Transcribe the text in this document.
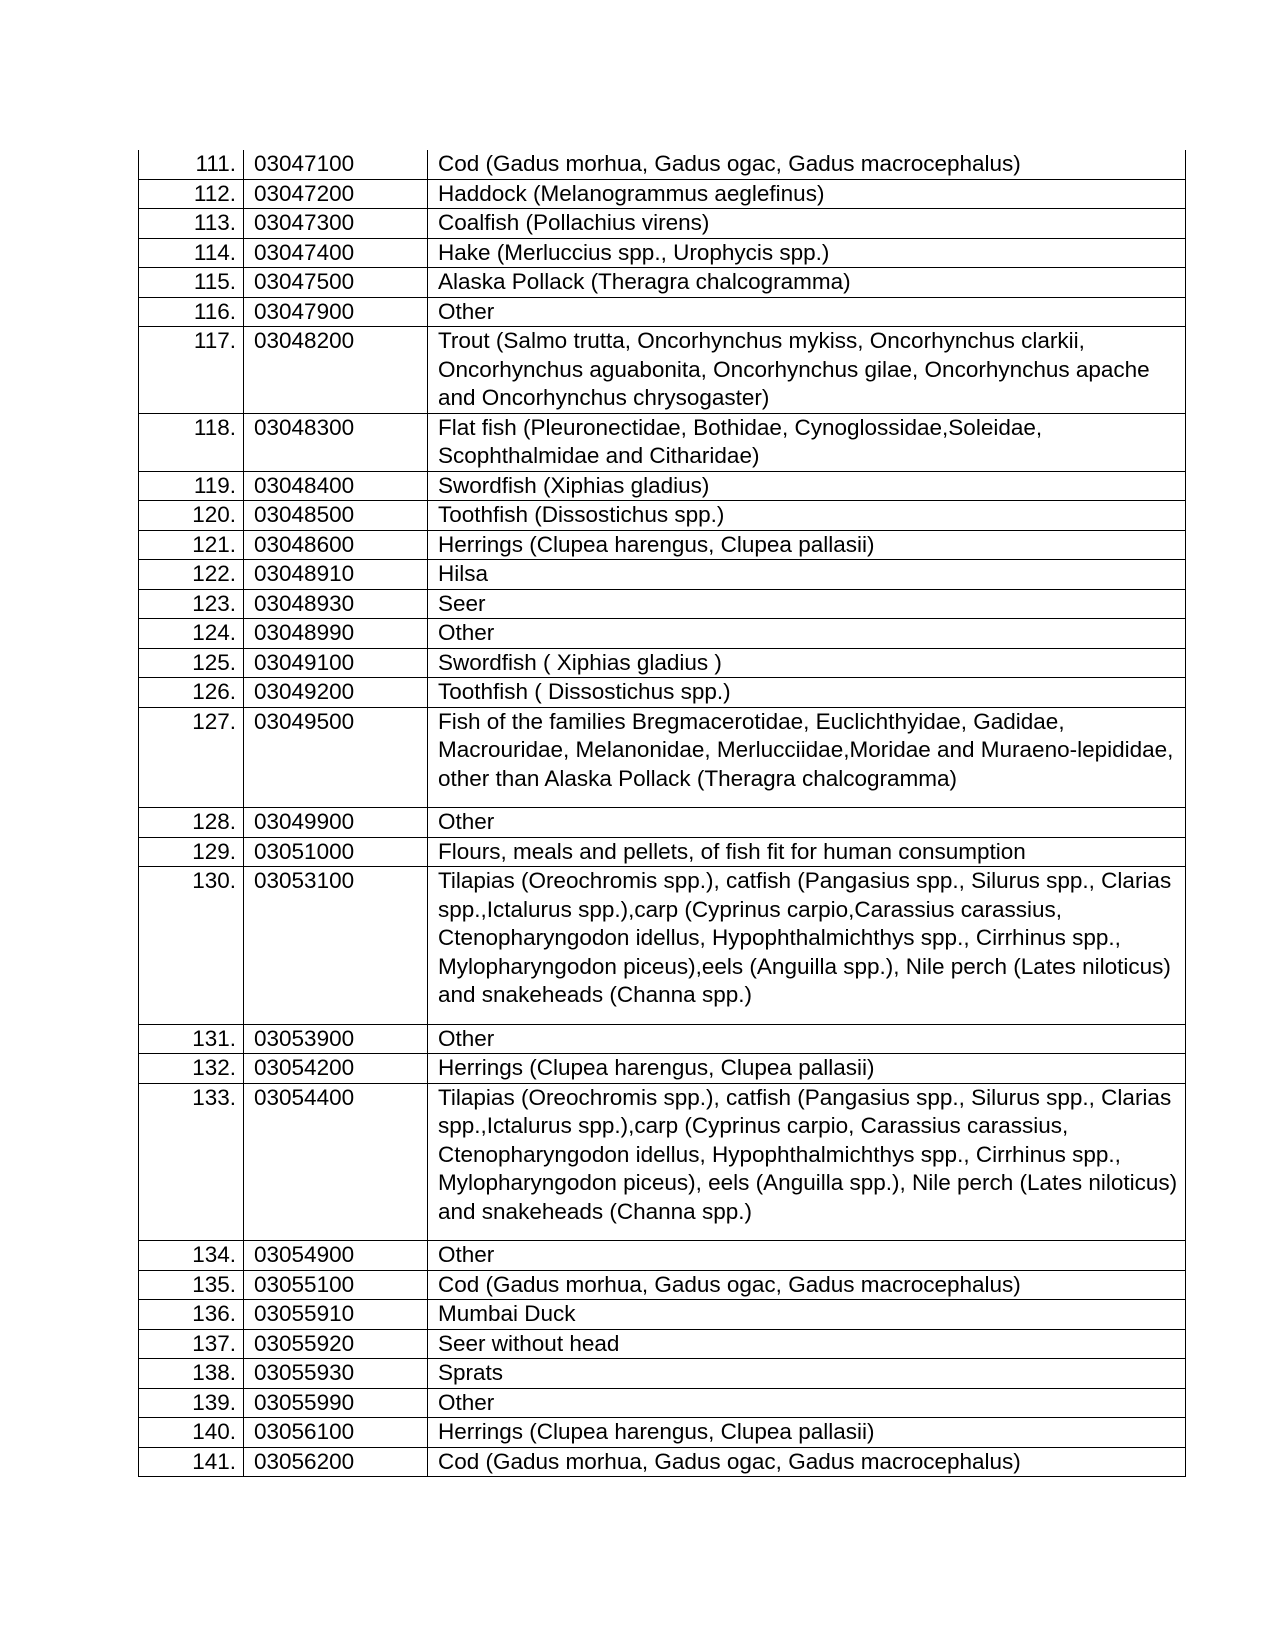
111.	03047100	Cod (Gadus morhua, Gadus ogac, Gadus macrocephalus)
112.	03047200	Haddock (Melanogrammus aeglefinus)
113.	03047300	Coalfish (Pollachius virens)
114.	03047400	Hake (Merluccius spp., Urophycis spp.)
115.	03047500	Alaska Pollack (Theragra chalcogramma)
116.	03047900	Other
117.	03048200	Trout (Salmo trutta, Oncorhynchus mykiss, Oncorhynchus clarkii, Oncorhynchus aguabonita, Oncorhynchus gilae, Oncorhynchus apache and Oncorhynchus chrysogaster)
118.	03048300	Flat fish (Pleuronectidae, Bothidae, Cynoglossidae,Soleidae, Scophthalmidae and Citharidae)
119.	03048400	Swordfish (Xiphias gladius)
120.	03048500	Toothfish (Dissostichus spp.)
121.	03048600	Herrings (Clupea harengus, Clupea pallasii)
122.	03048910	Hilsa
123.	03048930	Seer
124.	03048990	Other
125.	03049100	Swordfish ( Xiphias gladius )
126.	03049200	Toothfish ( Dissostichus spp.)
127.	03049500	Fish of the families Bregmacerotidae, Euclichthyidae, Gadidae, Macrouridae, Melanonidae, Merlucciidae,Moridae and Muraeno-lepididae, other than Alaska Pollack (Theragra chalcogramma)
128.	03049900	Other
129.	03051000	Flours, meals and pellets, of fish fit for human consumption
130.	03053100	Tilapias (Oreochromis spp.), catfish (Pangasius spp., Silurus spp., Clarias spp.,Ictalurus spp.),carp (Cyprinus carpio,Carassius carassius, Ctenopharyngodon idellus, Hypophthalmichthys spp., Cirrhinus spp., Mylopharyngodon piceus),eels (Anguilla spp.), Nile perch (Lates niloticus) and snakeheads (Channa spp.)
131.	03053900	Other
132.	03054200	Herrings (Clupea harengus, Clupea pallasii)
133.	03054400	Tilapias (Oreochromis spp.), catfish (Pangasius spp., Silurus spp., Clarias spp.,Ictalurus spp.),carp (Cyprinus carpio, Carassius carassius, Ctenopharyngodon idellus, Hypophthalmichthys spp., Cirrhinus spp., Mylopharyngodon piceus), eels (Anguilla spp.), Nile perch (Lates niloticus) and snakeheads (Channa spp.)
134.	03054900	Other
135.	03055100	Cod (Gadus morhua, Gadus ogac, Gadus macrocephalus)
136.	03055910	Mumbai Duck
137.	03055920	Seer without head
138.	03055930	Sprats
139.	03055990	Other
140.	03056100	Herrings (Clupea harengus, Clupea pallasii)
141.	03056200	Cod (Gadus morhua, Gadus ogac, Gadus macrocephalus)
